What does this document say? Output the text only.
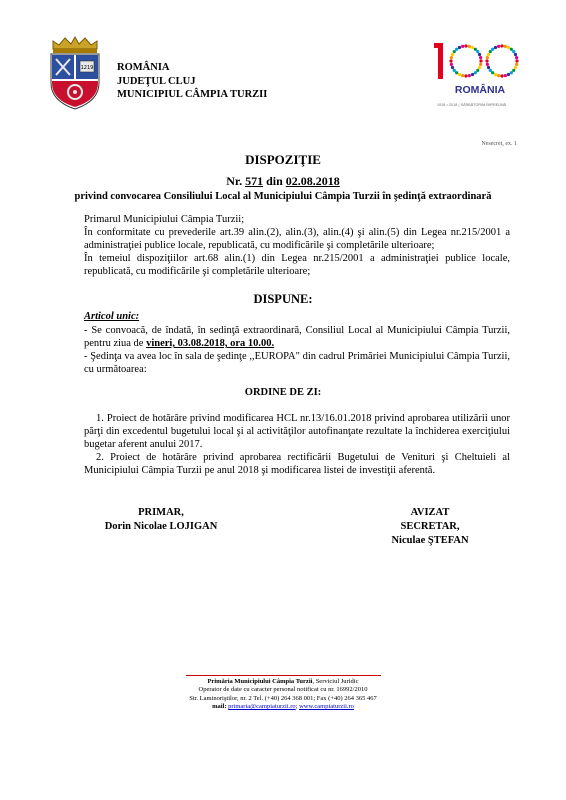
1219 ROMÂNIA
JUDEŢUL CLUJ
MUNICIPIUL CÂMPIA TURZII	ROMÂNIA
1918 • 2018 | SĂRBĂTORIM ÎMPREUNĂ
Nesecret, ex. 1
DISPOZIŢIE
Nr. 571 din 02.08.2018
privind convocarea Consiliului Local al Municipiului Câmpia Turzii în şedinţă extraordinară

Primarul Municipiului Câmpia Turzii;

În conformitate cu prevederile art.39 alin.(2), alin.(3), alin.(4) şi alin.(5) din Legea nr.215/2001 a administraţiei publice locale, republicată, cu modificările şi completările ulterioare;

În temeiul dispoziţiilor art.68 alin.(1) din Legea nr.215/2001 a administraţiei publice locale, republicată, cu modificările şi completările ulterioare;

DISPUNE:
Articol unic:

- Se convoacă, de îndată, în sedinţă extraordinară, Consiliul Local al Municipiului Câmpia Turzii, pentru ziua de vineri, 03.08.2018, ora 10.00.

- Şedinţa va avea loc în sala de şedinţe ,,EUROPA" din cadrul Primăriei Municipiului Câmpia Turzii, cu următoarea:

ORDINE DE ZI:

1. Proiect de hotărâre privind modificarea HCL nr.13/16.01.2018 privind aprobarea utilizării unor părţi din excedentul bugetului local şi al activităţilor autofinanţate rezultate la închiderea exerciţiului bugetar aferent anului 2017.

2. Proiect de hotărâre privind aprobarea rectificării Bugetului de Venituri şi Cheltuieli al Municipiului Câmpia Turzii pe anul 2018 şi modificarea listei de investiţii aferentă.

PRIMAR,
Dorin Nicolae LOJIGAN
AVIZAT
SECRETAR,
Niculae ŞTEFAN
Primăria Municipiului Câmpia Turzii, Serviciul Juridic
Operator de date cu caracter personal notificat cu nr. 16992/2010
Str. Laminoriştilor, nr. 2 Tel. (+40) 264 368 001; Fax (+40) 264 365 467
mail: primaria@campiaturzii.ro; www.campiaturzii.ro
